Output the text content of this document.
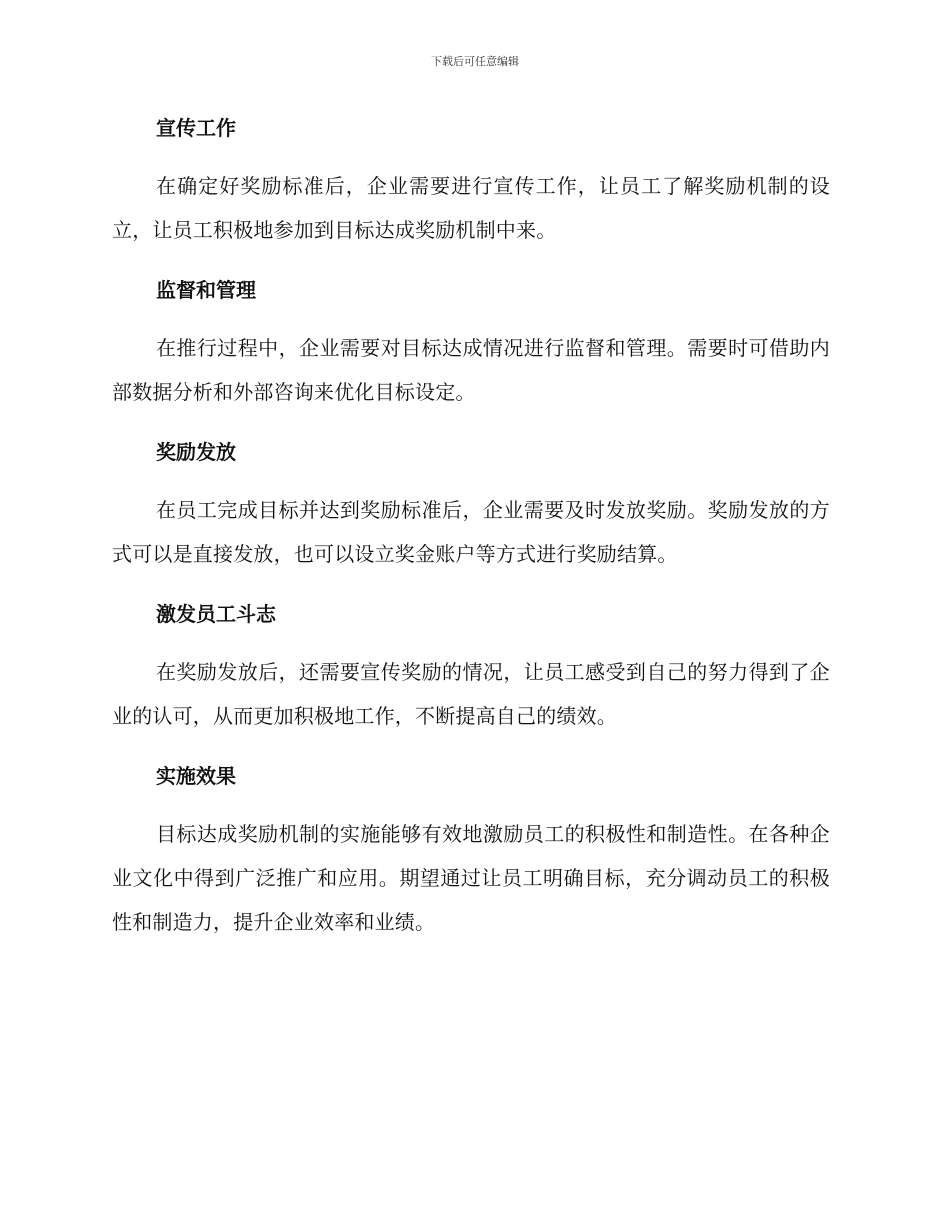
下载后可任意编辑
宣传工作

在确定好奖励标准后，企业需要进行宣传工作，让员工了解奖励机制的设立，让员工积极地参加到目标达成奖励机制中来。

监督和管理

在推行过程中，企业需要对目标达成情况进行监督和管理。需要时可借助内部数据分析和外部咨询来优化目标设定。

奖励发放

在员工完成目标并达到奖励标准后，企业需要及时发放奖励。奖励发放的方式可以是直接发放，也可以设立奖金账户等方式进行奖励结算。

激发员工斗志

在奖励发放后，还需要宣传奖励的情况，让员工感受到自己的努力得到了企业的认可，从而更加积极地工作，不断提高自己的绩效。

实施效果

目标达成奖励机制的实施能够有效地激励员工的积极性和制造性。在各种企业文化中得到广泛推广和应用。期望通过让员工明确目标，充分调动员工的积极性和制造力，提升企业效率和业绩。
